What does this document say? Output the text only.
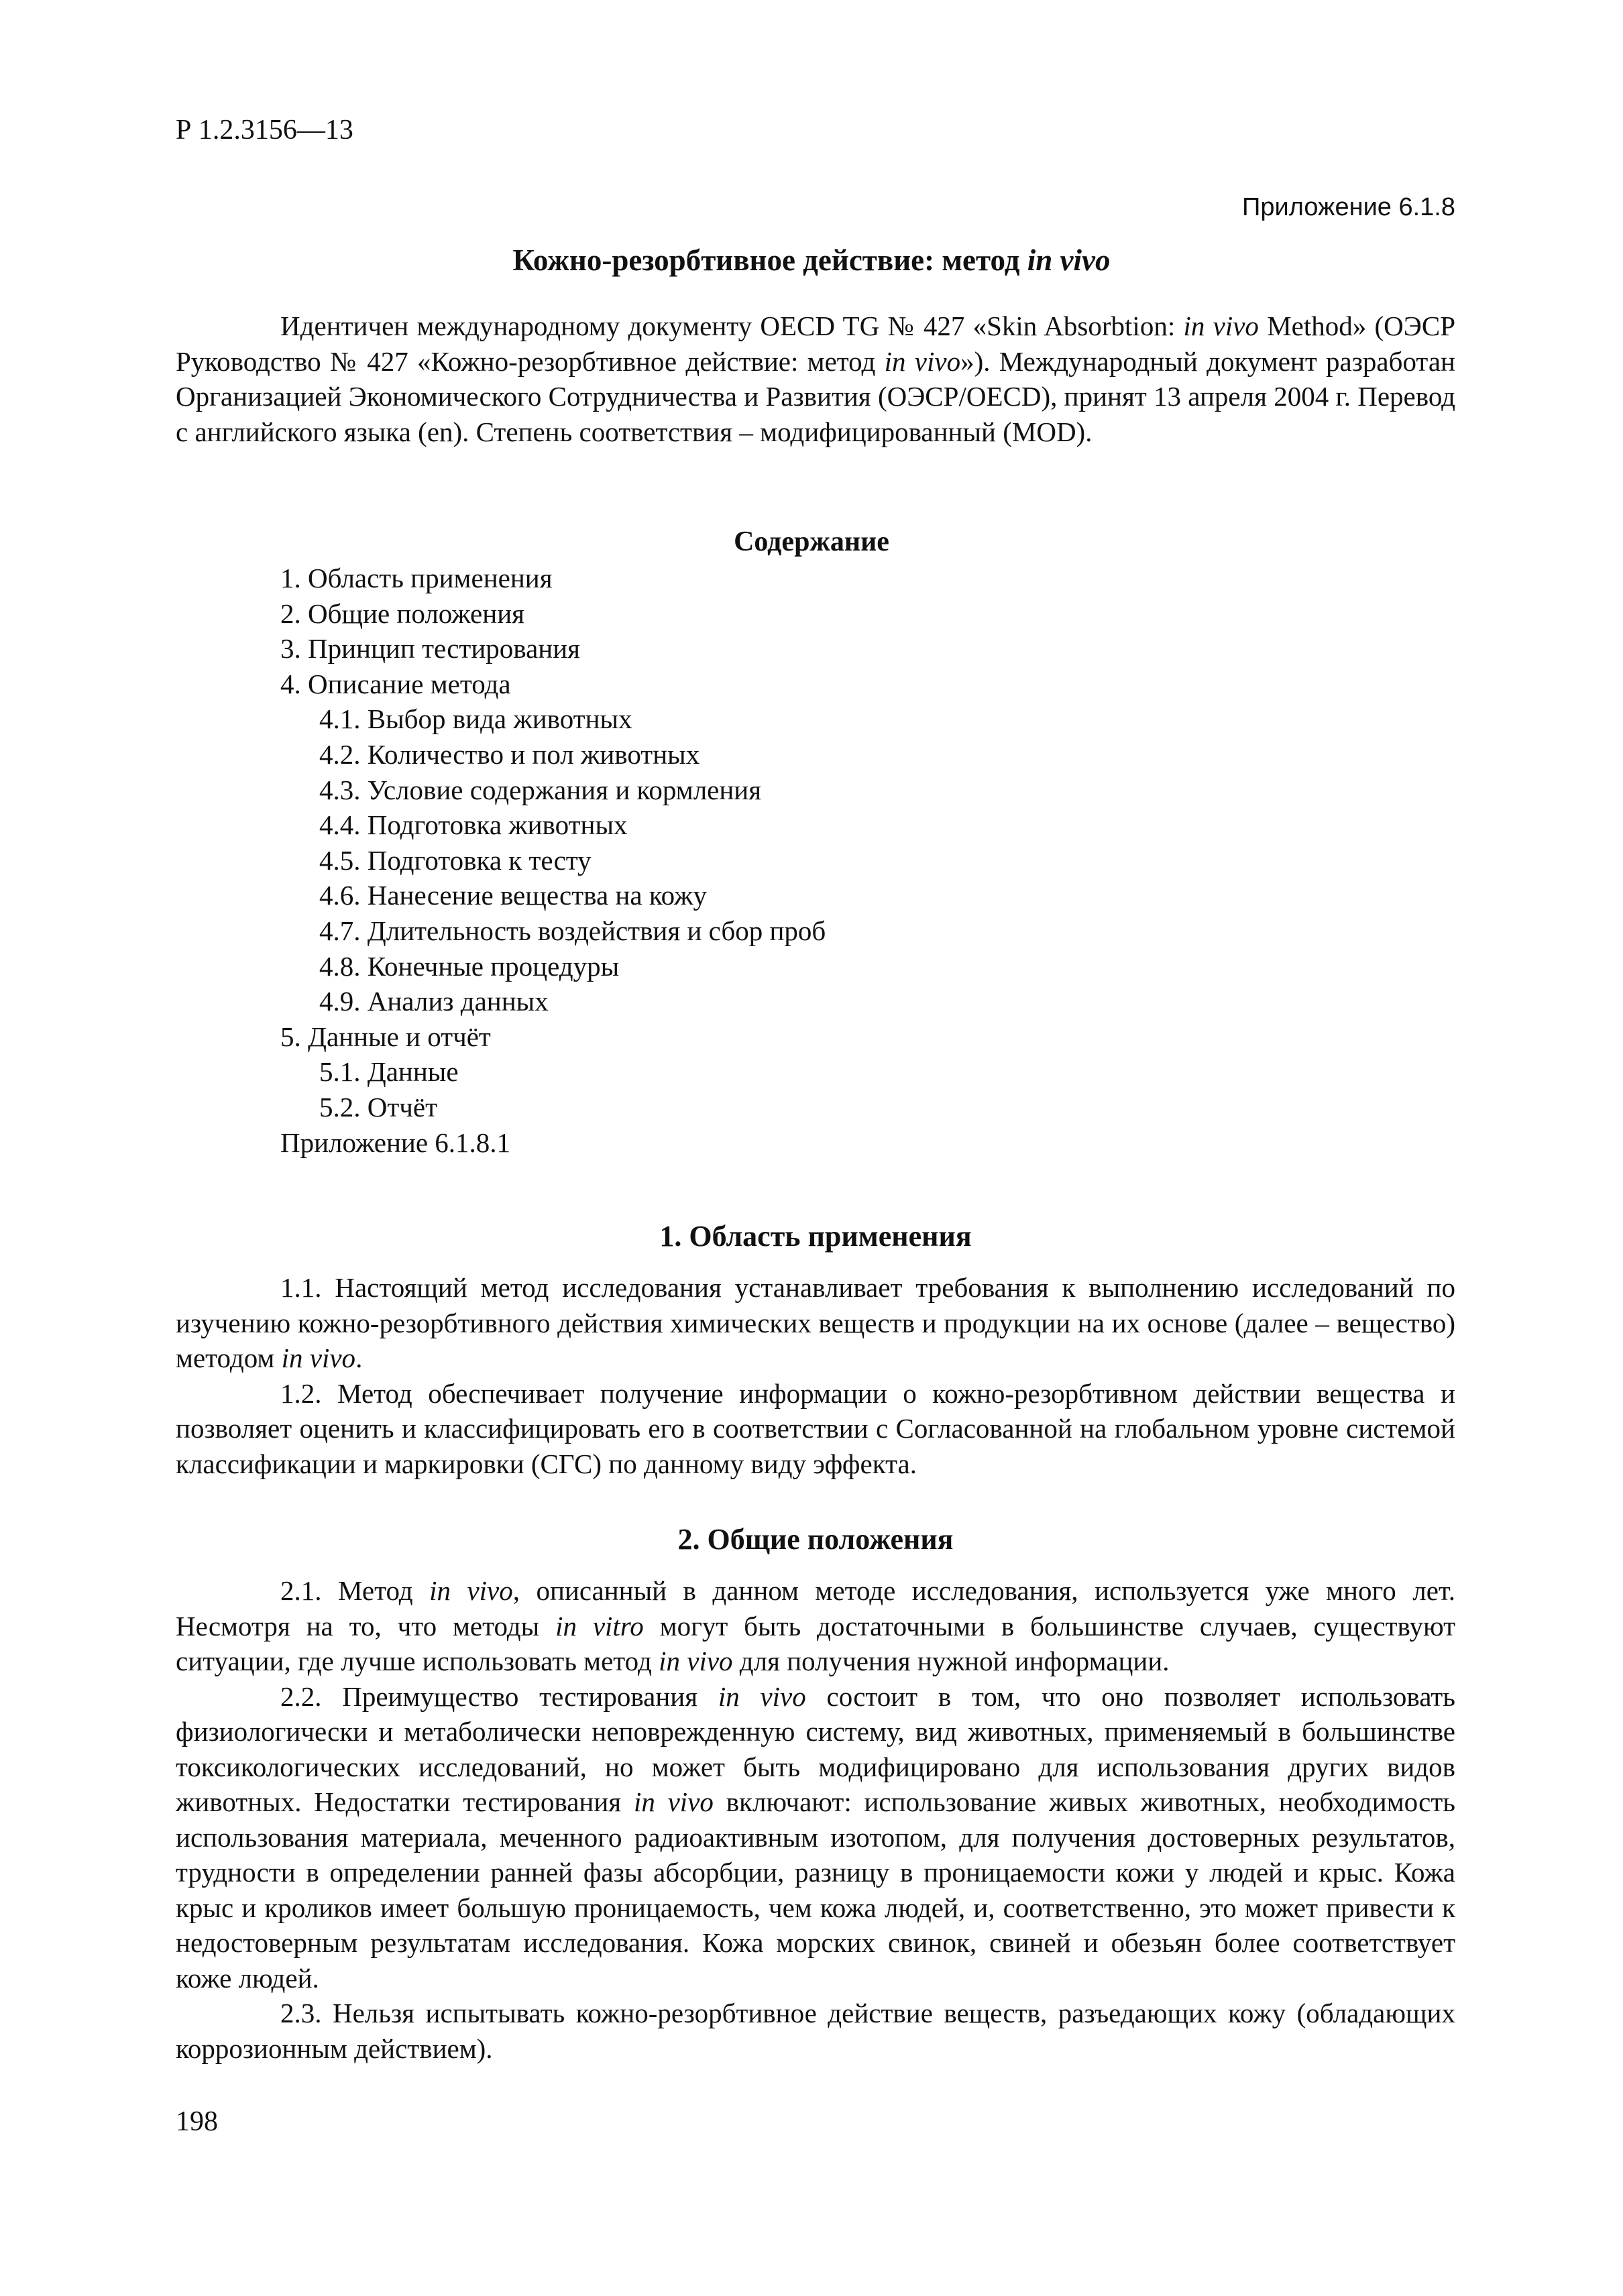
Р 1.2.3156—13
Приложение 6.1.8
Кожно-резорбтивное действие: метод in vivo

Идентичен международному документу OECD TG № 427 «Skin Absorbtion: in vivo Method» (ОЭСР Руководство № 427 «Кожно-резорбтивное действие: метод in vivo»). Международный документ разработан Организацией Экономического Сотрудничества и Развития (ОЭСР/OECD), принят 13 апреля 2004 г. Перевод с английского языка (en). Степень соответствия – модифицированный (MOD).

Содержание
1. Область применения
2. Общие положения
3. Принцип тестирования
4. Описание метода
4.1. Выбор вида животных
4.2. Количество и пол животных
4.3. Условие содержания и кормления
4.4. Подготовка животных
4.5. Подготовка к тесту
4.6. Нанесение вещества на кожу
4.7. Длительность воздействия и сбор проб
4.8. Конечные процедуры
4.9. Анализ данных
5. Данные и отчёт
5.1. Данные
5.2. Отчёт
Приложение 6.1.8.1
1. Область применения

1.1. Настоящий метод исследования устанавливает требования к выполнению исследований по изучению кожно-резорбтивного действия химических веществ и продукции на их основе (далее – вещество) методом in vivo.

1.2. Метод обеспечивает получение информации о кожно-резорбтивном действии вещества и позволяет оценить и классифицировать его в соответствии с Согласованной на глобальном уровне системой классификации и маркировки (СГС) по данному виду эффекта.

2. Общие положения

2.1. Метод in vivo, описанный в данном методе исследования, используется уже много лет. Несмотря на то, что методы in vitro могут быть достаточными в большинстве случаев, существуют ситуации, где лучше использовать метод in vivo для получения нужной информации.

2.2. Преимущество тестирования in vivo состоит в том, что оно позволяет использовать физиологически и метаболически неповрежденную систему, вид животных, применяемый в большинстве токсикологических исследований, но может быть модифицировано для использования других видов животных. Недостатки тестирования in vivo включают: использование живых животных, необходимость использования материала, меченного радиоактивным изотопом, для получения достоверных результатов, трудности в определении ранней фазы абсорбции, разницу в проницаемости кожи у людей и крыс. Кожа крыс и кроликов имеет большую проницаемость, чем кожа людей, и, соответственно, это может привести к недостоверным результатам исследования. Кожа морских свинок, свиней и обезьян более соответствует коже людей.

2.3. Нельзя испытывать кожно-резорбтивное действие веществ, разъедающих кожу (обладающих коррозионным действием).

198
